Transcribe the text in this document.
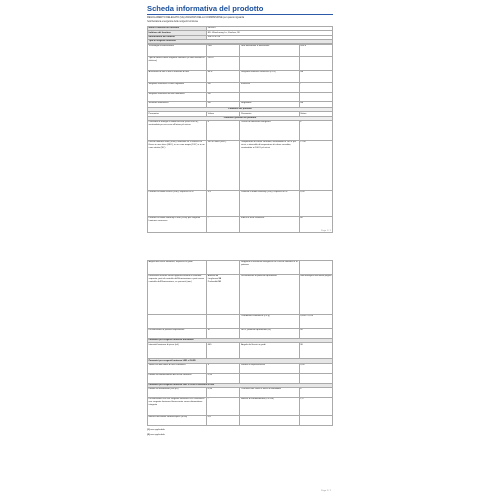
Scheda informativa del prodotto
REGOLAMENTO DELEGATO (UE) 2019/2015 DELLA COMMISSIONE per quanto riguarda
l'etichettatura energetica delle sorgenti luminose
Nome o marchio del fornitore	NEWFO
Indirizzo del fornitore	RD: Wanchuang Lu, Xinzhou, 38
Identificativo del modello	XM-12-8-TM
Tipo di sorgente luminosa	
Tecnologia d'illuminazione	LED	Non direzionale o direzionale	NDLS
Tipo di attacco della sorgente luminosa (o altra interfaccia elettrica)	GU10		
A tensione di rete o non a tensione di rete	MLS	Sorgente luminosa connessa (CLS)	No
Sorgente luminosa a colori regolabili	No	Involucro	-
Sorgente luminosa ad alta luminanza	No		
Schermo antiriflesso	No	Regolabile	No
Parametri del prodotto			
Parametro	Valore	Parametro	Valore
Parametri generali del prodotto			
Consumo di energia in modo acceso (kWh/1000 h), arrotondato per eccesso all'intero più vicino	6	Classe di efficienza energetica	F
Flusso luminoso utile (Φuse), indicante se si riferisce al flusso in una sfera (360°), in un cono ampio (120°) o in un cono stretto (90°)	345 in Sfera (360°)	Temperatura di colore correlata, arrotondata ai 100 K più vicini, o intervallo di temperature di colore correlate, arrotondate ai 100 K più vicini	2 700
Potenza in modo acceso (Pon), espressa in W	4,9	Potenza in modo stand-by (Psb), espressa in W	0,00
Potenza in modo stand-by in rete (Pnet) per sorgente luminosa connessa	-	Indice di resa cromatica	80
Page 1 / 2
Angolo del fascio luminoso, espresso in gradi		Rapporto di efficienza energetica tra il flusso luminoso e la potenza	
Dimensioni esterne senza apparecchiatura di controllo separata, parti di controllo dell'illuminazione e parti senza controllo dell'illuminazione, se presenti (mm)	Altezza 55
Larghezza 50
Profondità 50	Dichiarazione di potenza equivalente	Nell'immagine dell'ultima pagina
		Coordinate cromatiche (x e y)	0,458 / 0,410
Dichiarazione di potenza equivalente	Sì	Se sì, potenza equivalente (W)	50
Parametri per sorgenti luminose direzionali			
Intensità luminosa di picco (cd)	645	Angolo del fascio in gradi	36
Parametri per sorgenti luminose LED e OLED			
Valore R9 dell'indice di resa cromatica	9	Fattore di sopravvivenza	0,90
Fattore di mantenimento del flusso luminoso	0,95		
Parametri per sorgenti luminose LED e OLED a tensione di rete			
Fattore di sfasamento (cos φ1)	0,90	Coerenza dei colori in ellissi di MacAdam	6
Dichiarazione che una sorgente luminosa LED sostituisce una sorgente luminosa fluorescente senza alimentatore integrato	-	Metrica di sfarfallamento (Pst LM)	1,0
Metrica dell'effetto stroboscopico (SVM)	0,6		
(1) non applicabile
(2) non applicabile
Page 2 / 2
